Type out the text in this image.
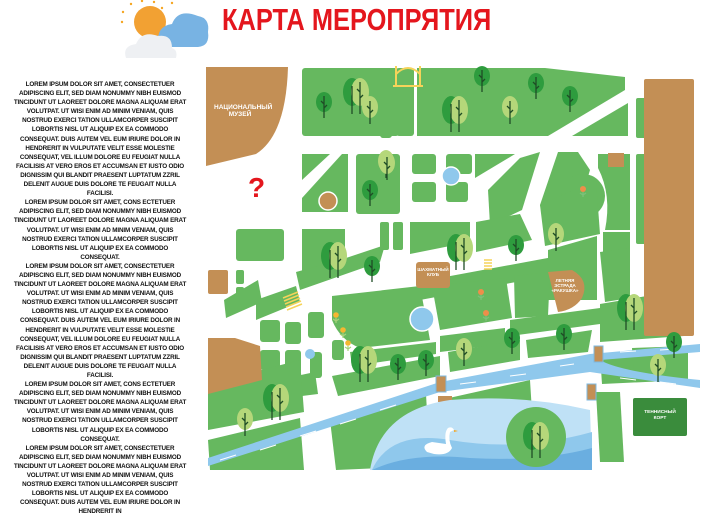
КАРТА МЕРОПРЯТИЯ

LOREM IPSUM DOLOR SIT AMET, CONSECTETUER ADIPISCING ELIT, SED DIAM NONUMMY NIBH EUISMOD TINCIDUNT UT LAOREET DOLORE MAGNA ALIQUAM ERAT VOLUTPAT. UT WISI ENIM AD MINIM VENIAM, QUIS NOSTRUD EXERCI TATION ULLAMCORPER SUSCIPIT LOBORTIS NISL UT ALIQUIP EX EA COMMODO CONSEQUAT. DUIS AUTEM VEL EUM IRIURE DOLOR IN HENDRERIT IN VULPUTATE VELIT ESSE MOLESTIE CONSEQUAT, VEL ILLUM DOLORE EU FEUGIAT NULLA FACILISIS AT VERO EROS ET ACCUMSAN ET IUSTO ODIO DIGNISSIM QUI BLANDIT PRAESENT LUPTATUM ZZRIL DELENIT AUGUE DUIS DOLORE TE FEUGAIT NULLA FACILISI.

LOREM IPSUM DOLOR SIT AMET, CONS ECTETUER ADIPISCING ELIT, SED DIAM NONUMMY NIBH EUISMOD TINCIDUNT UT LAOREET DOLORE MAGNA ALIQUAM ERAT VOLUTPAT. UT WISI ENIM AD MINIM VENIAM, QUIS NOSTRUD EXERCI TATION ULLAMCORPER SUSCIPIT LOBORTIS NISL UT ALIQUIP EX EA COMMODO CONSEQUAT.

LOREM IPSUM DOLOR SIT AMET, CONSECTETUER ADIPISCING ELIT, SED DIAM NONUMMY NIBH EUISMOD TINCIDUNT UT LAOREET DOLORE MAGNA ALIQUAM ERAT VOLUTPAT. UT WISI ENIM AD MINIM VENIAM, QUIS NOSTRUD EXERCI TATION ULLAMCORPER SUSCIPIT LOBORTIS NISL UT ALIQUIP EX EA COMMODO CONSEQUAT. DUIS AUTEM VEL EUM IRIURE DOLOR IN HENDRERIT IN VULPUTATE VELIT ESSE MOLESTIE CONSEQUAT, VEL ILLUM DOLORE EU FEUGIAT NULLA FACILISIS AT VERO EROS ET ACCUMSAN ET IUSTO ODIO DIGNISSIM QUI BLANDIT PRAESENT LUPTATUM ZZRIL DELENIT AUGUE DUIS DOLORE TE FEUGAIT NULLA FACILISI.

LOREM IPSUM DOLOR SIT AMET, CONS ECTETUER ADIPISCING ELIT, SED DIAM NONUMMY NIBH EUISMOD TINCIDUNT UT LAOREET DOLORE MAGNA ALIQUAM ERAT VOLUTPAT. UT WISI ENIM AD MINIM VENIAM, QUIS NOSTRUD EXERCI TATION ULLAMCORPER SUSCIPIT LOBORTIS NISL UT ALIQUIP EX EA COMMODO CONSEQUAT.

LOREM IPSUM DOLOR SIT AMET, CONSECTETUER ADIPISCING ELIT, SED DIAM NONUMMY NIBH EUISMOD TINCIDUNT UT LAOREET DOLORE MAGNA ALIQUAM ERAT VOLUTPAT. UT WISI ENIM AD MINIM VENIAM, QUIS NOSTRUD EXERCI TATION ULLAMCORPER SUSCIPIT LOBORTIS NISL UT ALIQUIP EX EA COMMODO CONSEQUAT. DUIS AUTEM VEL EUM IRIURE DOLOR IN HENDRERIT IN

НАЦИОНАЛЬНЫЙ МУЗЕЙ
ШАХМАТНЫЙ КЛУБ
ЛЕТНЯЯ ЭСТРАДА «РАКУШКА»
ТЕННИСНЫЙ КОРТ
?
